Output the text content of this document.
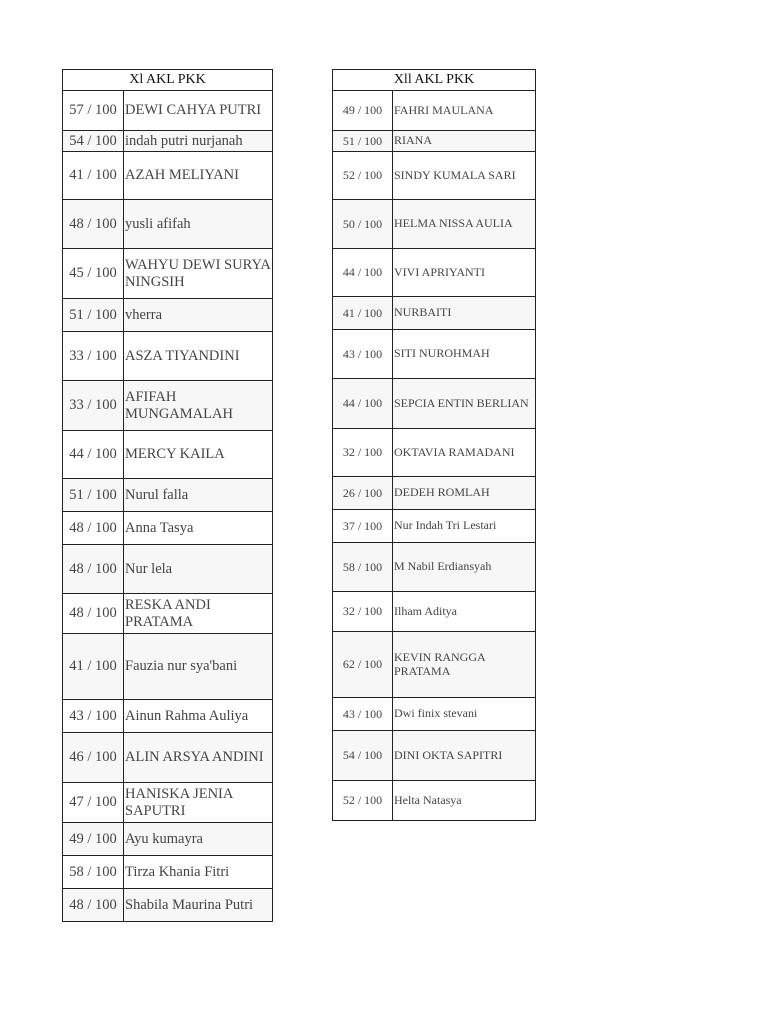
Xl AKL PKK	
57 / 100	DEWI CAHYA PUTRI
54 / 100	indah putri nurjanah
41 / 100	AZAH MELIYANI
48 / 100	yusli afifah
45 / 100	WAHYU DEWI SURYA NINGSIH
51 / 100	vherra
33 / 100	ASZA TIYANDINI
33 / 100	AFIFAH MUNGAMALAH
44 / 100	MERCY KAILA
51 / 100	Nurul falla
48 / 100	Anna Tasya
48 / 100	Nur lela
48 / 100	RESKA ANDI PRATAMA
41 / 100	Fauzia nur sya'bani
43 / 100	Ainun Rahma Auliya
46 / 100	ALIN ARSYA ANDINI
47 / 100	HANISKA JENIA SAPUTRI
49 / 100	Ayu kumayra
58 / 100	Tirza Khania Fitri
48 / 100	Shabila Maurina Putri
Xll AKL PKK	
49 / 100	FAHRI MAULANA
51 / 100	RIANA
52 / 100	SINDY KUMALA SARI
50 / 100	HELMA NISSA AULIA
44 / 100	VIVI APRIYANTI
41 / 100	NURBAITI
43 / 100	SITI NUROHMAH
44 / 100	SEPCIA ENTIN BERLIAN
32 / 100	OKTAVIA RAMADANI
26 / 100	DEDEH ROMLAH
37 / 100	Nur Indah Tri Lestari
58 / 100	M Nabil Erdiansyah
32 / 100	Ilham Aditya
62 / 100	KEVIN RANGGA PRATAMA
43 / 100	Dwi finix stevani
54 / 100	DINI OKTA SAPITRI
52 / 100	Helta Natasya
